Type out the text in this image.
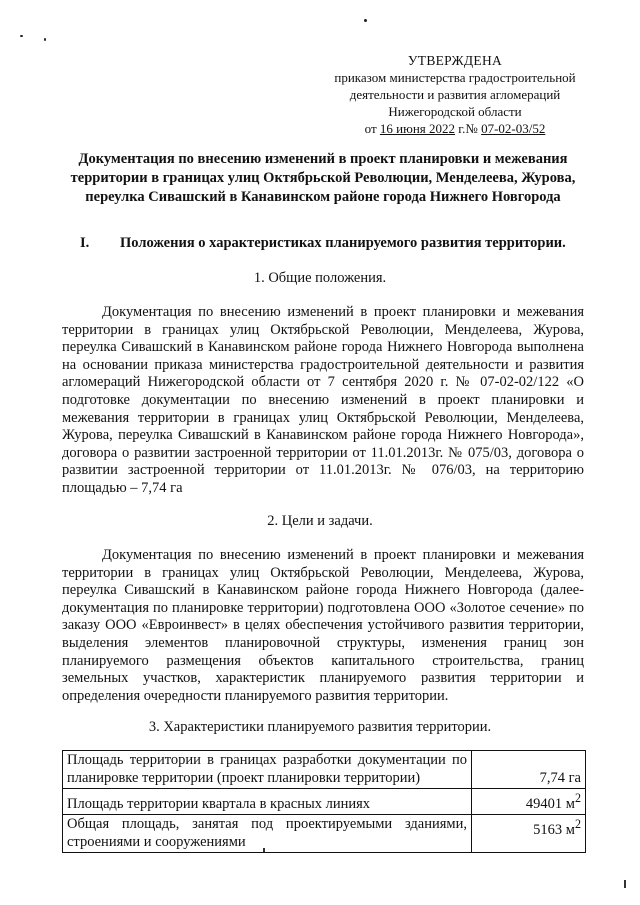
УТВЕРЖДЕНА
приказом министерства градостроительной
деятельности и развития агломераций
Нижегородской области
от 16 июня 2022 г.№ 07-02-03/52
Документация по внесению изменений в проект планировки и межевания территории в границах улиц Октябрьской Революции, Менделеева, Журова, переулка Сивашский в Канавинском районе города Нижнего Новгорода
I. Положения о характеристиках планируемого развития территории.
1. Общие положения.
Документация по внесению изменений в проект планировки и межевания территории в границах улиц Октябрьской Революции, Менделеева, Журова, переулка Сивашский в Канавинском районе города Нижнего Новгорода выполнена на основании приказа министерства градостроительной деятельности и развития агломераций Нижегородской области от 7 сентября 2020 г. № 07-02-02/122 «О подготовке документации по внесению изменений в проект планировки и межевания территории в границах улиц Октябрьской Революции, Менделеева, Журова, переулка Сивашский в Канавинском районе города Нижнего Новгорода», договора о развитии застроенной территории от 11.01.2013г. № 075/03, договора о развитии застроенной территории от 11.01.2013г. № 076/03, на территорию площадью – 7,74 га
2. Цели и задачи.
Документация по внесению изменений в проект планировки и межевания территории в границах улиц Октябрьской Революции, Менделеева, Журова, переулка Сивашский в Канавинском районе города Нижнего Новгорода (далее-документация по планировке территории) подготовлена ООО «Золотое сечение» по заказу ООО «Евроинвест» в целях обеспечения устойчивого развития территории, выделения элементов планировочной структуры, изменения границ зон планируемого размещения объектов капитального строительства, границ земельных участков, характеристик планируемого развития территории и определения очередности планируемого развития территории.
3. Характеристики планируемого развития территории.
Площадь территории в границах разработки документации по планировке территории (проект планировки территории)	7,74 га
Площадь территории квартала в красных линиях	49401 $м^2$
Общая площадь, занятая под проектируемыми зданиями, строениями и сооружениями	5163 $м^2$
